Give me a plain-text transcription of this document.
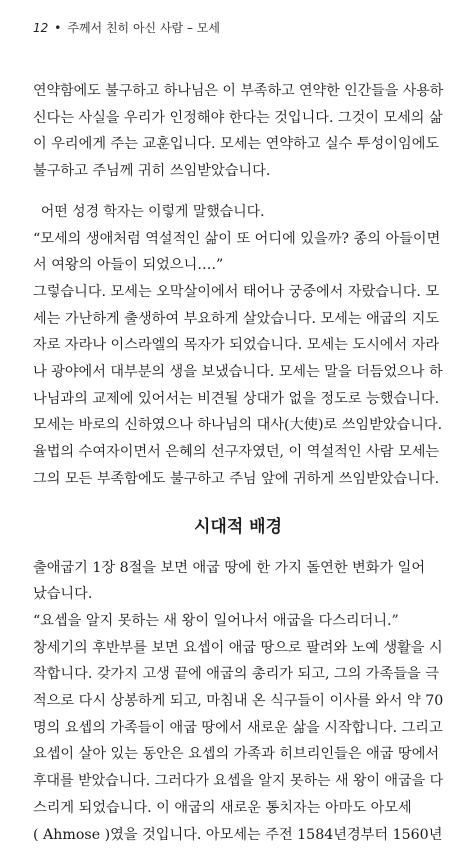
12 • 주께서 친히 아신 사람 – 모세
연약함에도 불구하고 하나님은 이 부족하고 연약한 인간들을 사용하
신다는 사실을 우리가 인정해야 한다는 것입니다. 그것이 모세의 삶
이 우리에게 주는 교훈입니다. 모세는 연약하고 실수 투성이임에도
불구하고 주님께 귀히 쓰임받았습니다.
어떤 성경 학자는 이렇게 말했습니다.
“모세의 생애처럼 역설적인 삶이 또 어디에 있을까? 종의 아들이면
서 여왕의 아들이 되었으니….”
그렇습니다. 모세는 오막살이에서 태어나 궁중에서 자랐습니다. 모
세는 가난하게 출생하여 부요하게 살았습니다. 모세는 애굽의 지도
자로 자라나 이스라엘의 목자가 되었습니다. 모세는 도시에서 자라
나 광야에서 대부분의 생을 보냈습니다. 모세는 말을 더듬었으나 하
나님과의 교제에 있어서는 비견될 상대가 없을 정도로 능했습니다.
모세는 바로의 신하였으나 하나님의 대사(大使)로 쓰임받았습니다.
율법의 수여자이면서 은혜의 선구자였던, 이 역설적인 사람 모세는
그의 모든 부족함에도 불구하고 주님 앞에 귀하게 쓰임받았습니다.
시대적 배경
출애굽기 1장 8절을 보면 애굽 땅에 한 가지 돌연한 변화가 일어
났습니다.
“요셉을 알지 못하는 새 왕이 일어나서 애굽을 다스리더니.”
창세기의 후반부를 보면 요셉이 애굽 땅으로 팔려와 노예 생활을 시
작합니다. 갖가지 고생 끝에 애굽의 총리가 되고, 그의 가족들을 극
적으로 다시 상봉하게 되고, 마침내 온 식구들이 이사를 와서 약 70
명의 요셉의 가족들이 애굽 땅에서 새로운 삶을 시작합니다. 그리고
요셉이 살아 있는 동안은 요셉의 가족과 히브리인들은 애굽 땅에서
후대를 받았습니다. 그러다가 요셉을 알지 못하는 새 왕이 애굽을 다
스리게 되었습니다. 이 애굽의 새로운 통치자는 아마도 아모세
( Ahmose )였을 것입니다. 아모세는 주전 1584년경부터 1560년
